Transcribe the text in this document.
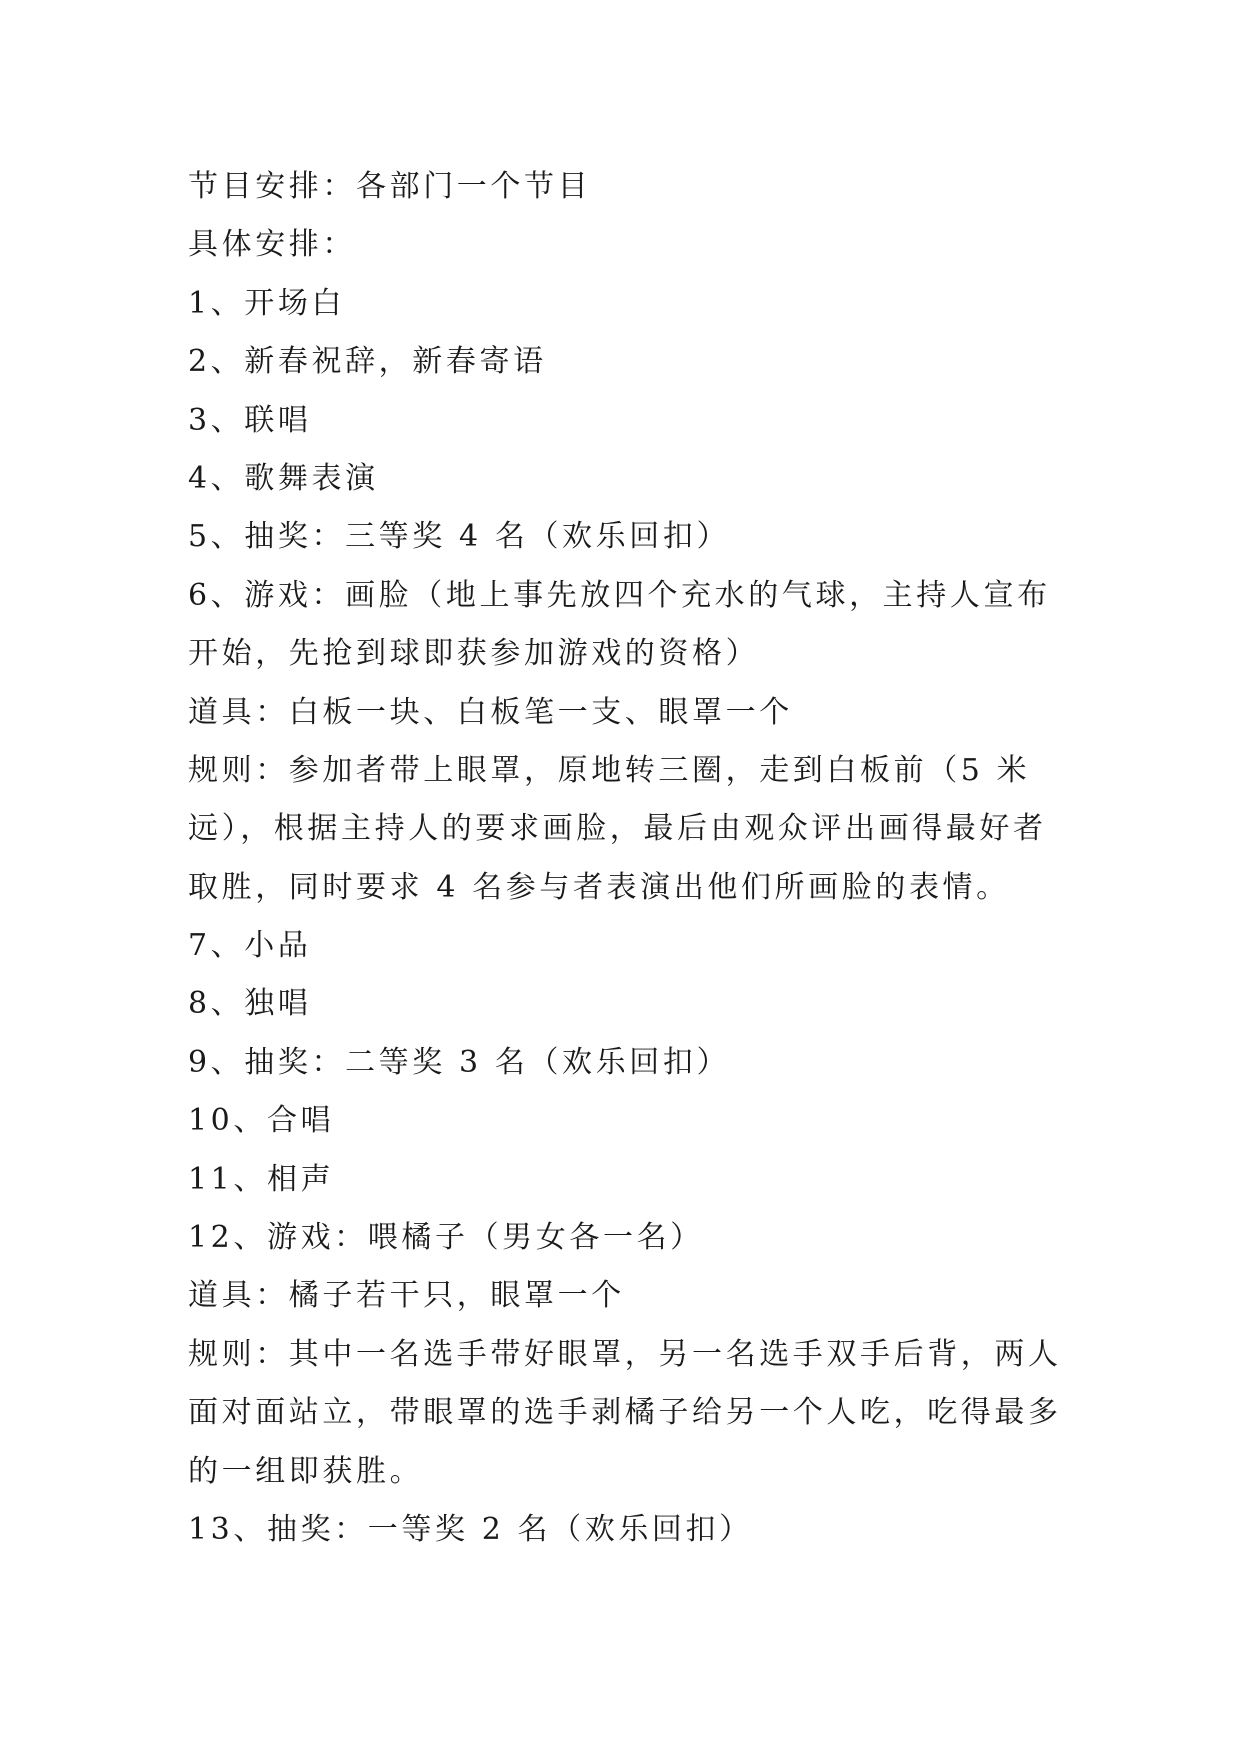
节目安排：各部门一个节目

具体安排：

1、开场白

2、新春祝辞，新春寄语

3、联唱

4、歌舞表演

5、抽奖：三等奖 4 名（欢乐回扣）

6、游戏：画脸（地上事先放四个充水的气球，主持人宣布

开始，先抢到球即获参加游戏的资格）

道具：白板一块、白板笔一支、眼罩一个

规则：参加者带上眼罩，原地转三圈，走到白板前（5 米

远），根据主持人的要求画脸，最后由观众评出画得最好者

取胜，同时要求 4 名参与者表演出他们所画脸的表情。

7、小品

8、独唱

9、抽奖：二等奖 3 名（欢乐回扣）

10、合唱

11、相声

12、游戏：喂橘子（男女各一名）

道具：橘子若干只，眼罩一个

规则：其中一名选手带好眼罩，另一名选手双手后背，两人

面对面站立，带眼罩的选手剥橘子给另一个人吃，吃得最多

的一组即获胜。

13、抽奖：一等奖 2 名（欢乐回扣）
